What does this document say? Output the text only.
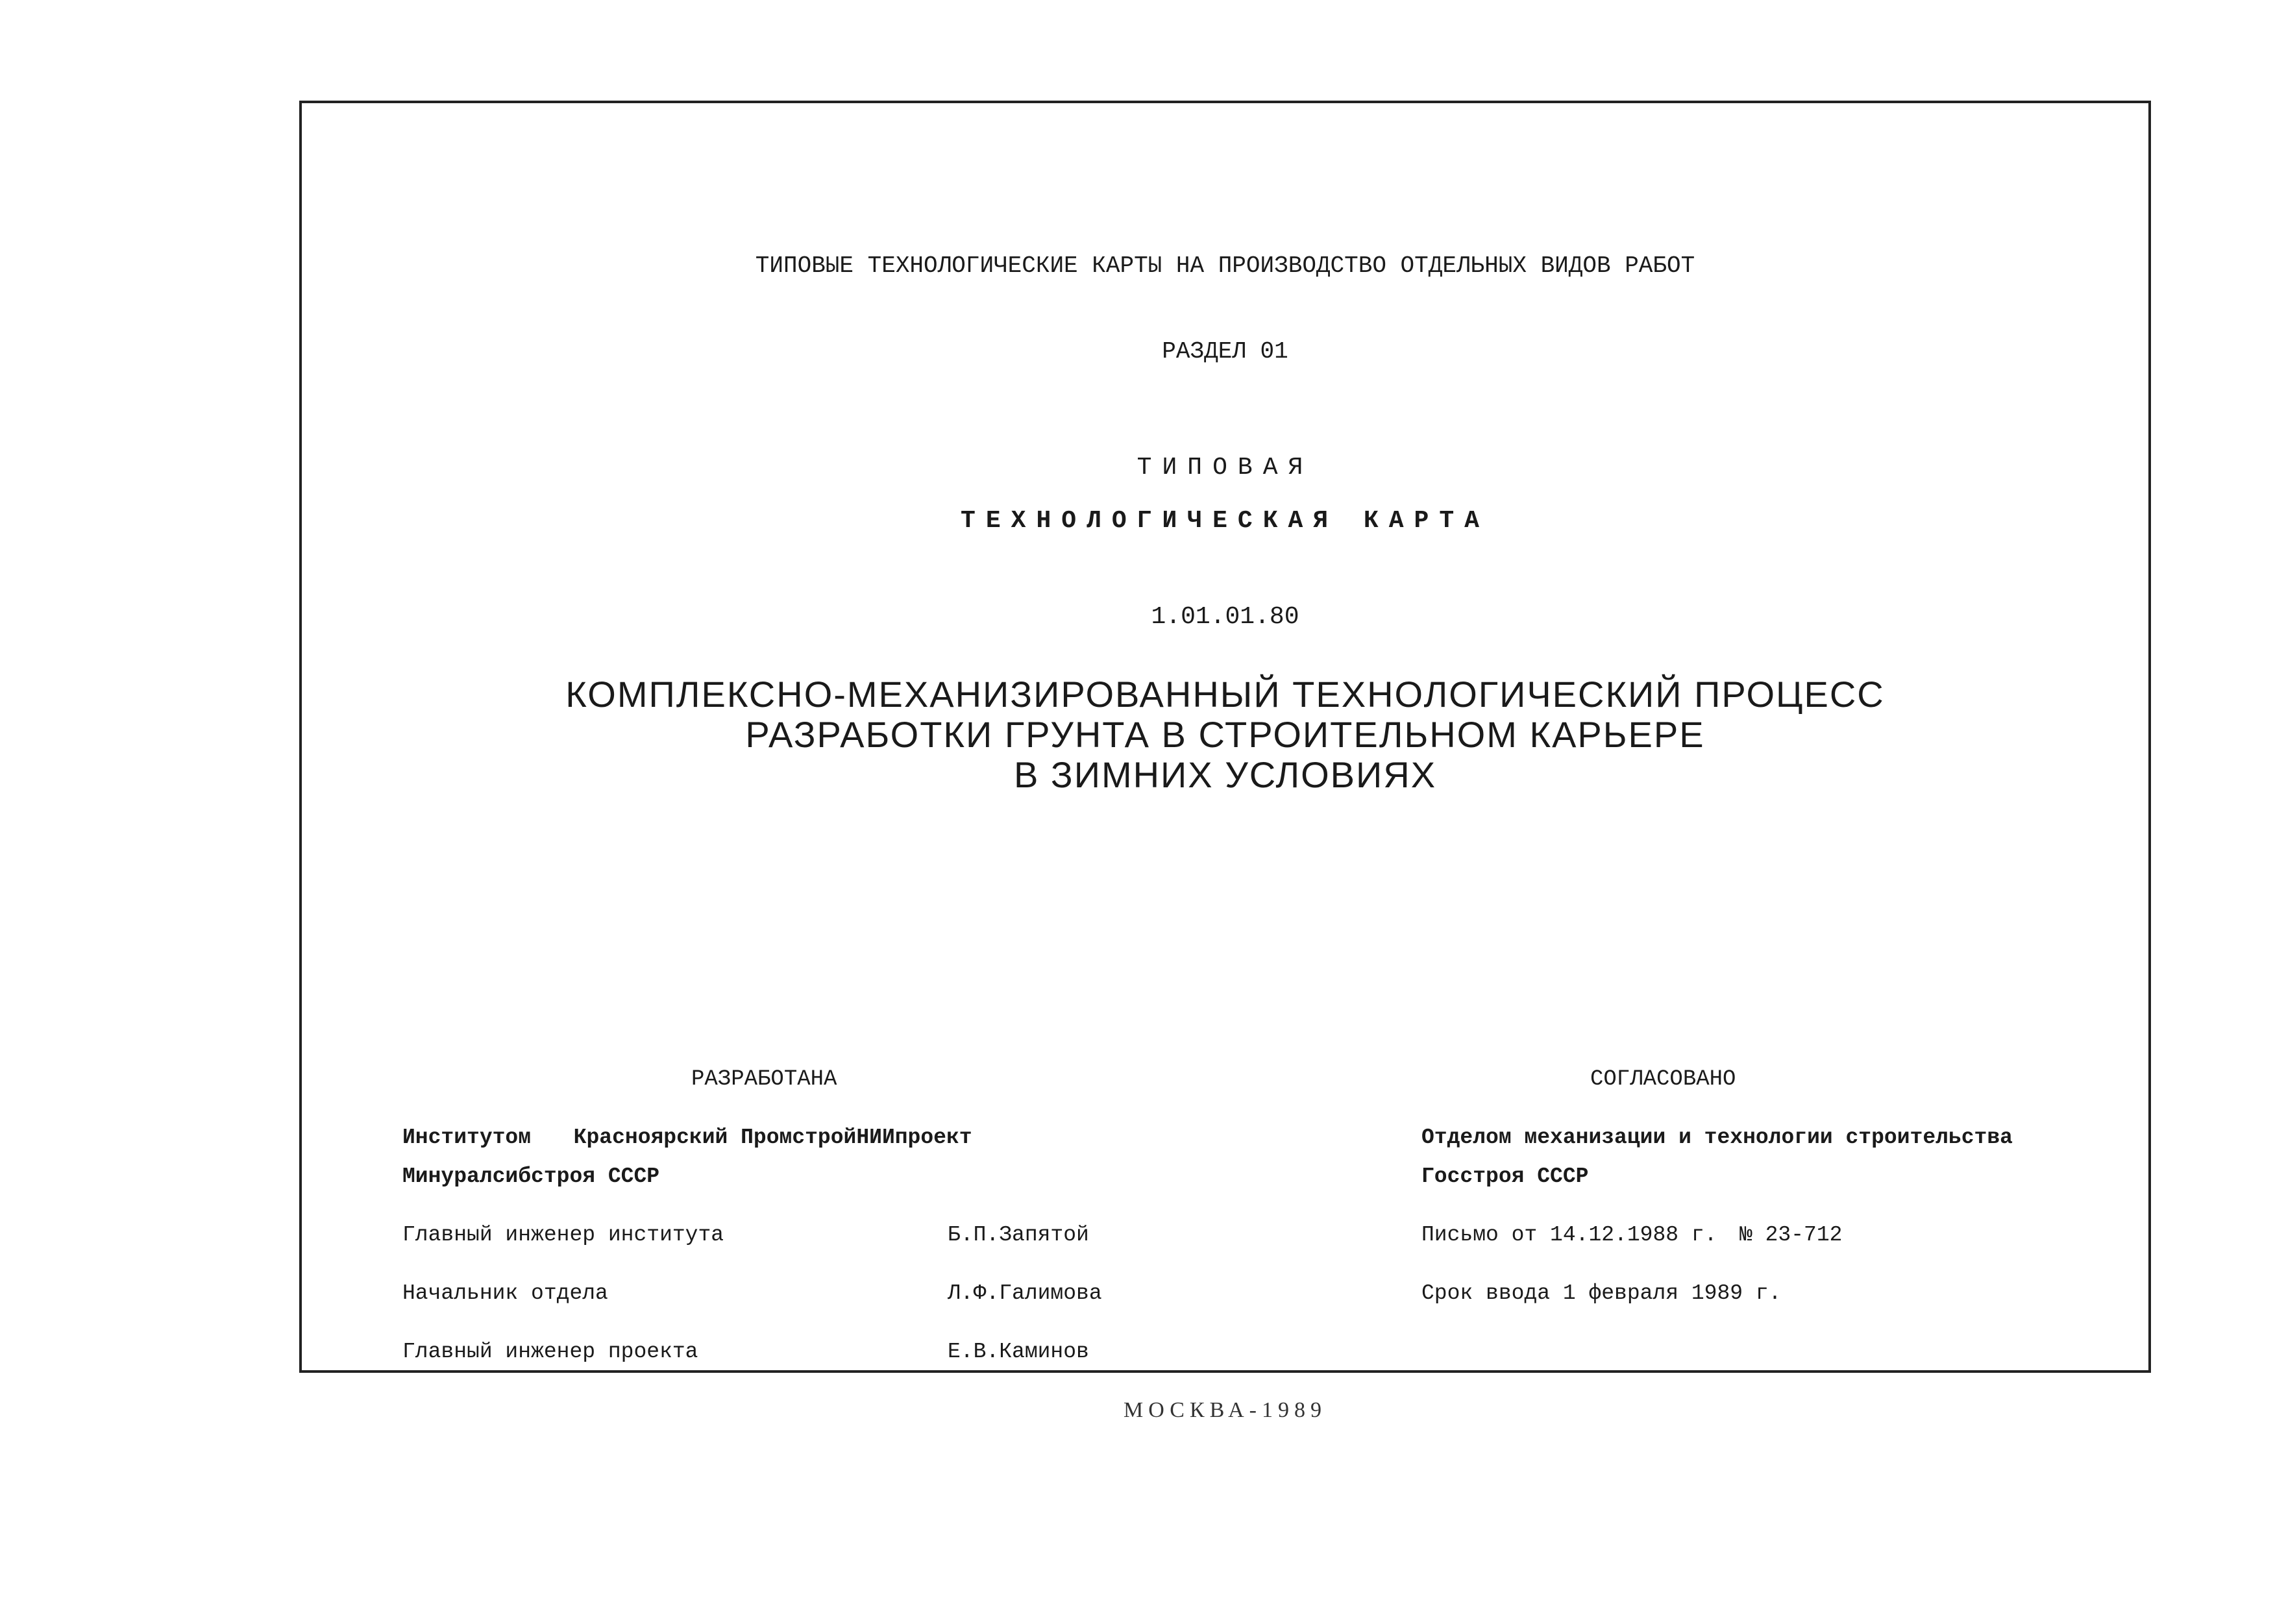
ТИПОВЫЕ ТЕХНОЛОГИЧЕСКИЕ КАРТЫ НА ПРОИЗВОДСТВО ОТДЕЛЬНЫХ ВИДОВ РАБОТ
РАЗДЕЛ 01
ТИПОВАЯ
ТЕХНОЛОГИЧЕСКАЯ КАРТА
1.01.01.80
КОМПЛЕКСНО-МЕХАНИЗИРОВАННЫЙ ТЕХНОЛОГИЧЕСКИЙ ПРОЦЕСС
РАЗРАБОТКИ ГРУНТА В СТРОИТЕЛЬНОМ КАРЬЕРЕ
В ЗИМНИХ УСЛОВИЯХ
РАЗРАБОТАНА
Институтом Красноярский ПромстройНИИпроект
Минуралсибстроя СССР
Главный инженер института	Б.П.Запятой
Начальник отдела	Л.Ф.Галимова
Главный инженер проекта	Е.В.Каминов
СОГЛАСОВАНО
Отделом механизации и технологии строительства
Госстроя СССР
Письмо от 14.12.1988 г. № 23-712
Срок ввода 1 февраля 1989 г.
МОСКВА-1989
